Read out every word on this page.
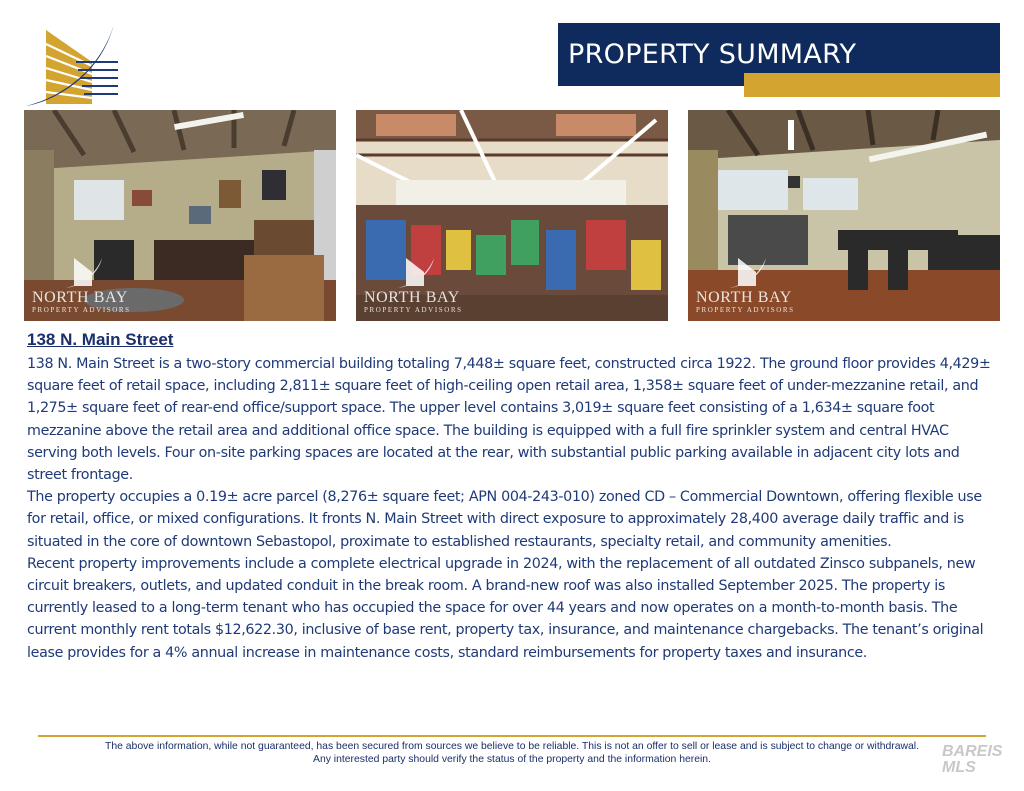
PROPERTY SUMMARY
NORTH BAY
PROPERTY ADVISORS
NORTH BAY
PROPERTY ADVISORS
NORTH BAY
PROPERTY ADVISORS
138 N. Main Street

138 N. Main Street is a two-story commercial building totaling 7,448± square feet, constructed circa 1922. The ground floor provides 4,429± square feet of retail space, including 2,811± square feet of high-ceiling open retail area, 1,358± square feet of under-mezzanine retail, and 1,275± square feet of rear-end office/support space. The upper level contains 3,019± square feet consisting of a 1,634± square foot mezzanine above the retail area and additional office space. The building is equipped with a full fire sprinkler system and central HVAC serving both levels. Four on-site parking spaces are located at the rear, with substantial public parking available in adjacent city lots and street frontage.

The property occupies a 0.19± acre parcel (8,276± square feet; APN 004-243-010) zoned CD – Commercial Downtown, offering flexible use for retail, office, or mixed configurations. It fronts N. Main Street with direct exposure to approximately 28,400 average daily traffic and is situated in the core of downtown Sebastopol, proximate to established restaurants, specialty retail, and community amenities.

Recent property improvements include a complete electrical upgrade in 2024, with the replacement of all outdated Zinsco subpanels, new circuit breakers, outlets, and updated conduit in the break room. A brand-new roof was also installed September 2025. The property is currently leased to a long-term tenant who has occupied the space for over 44 years and now operates on a month-to-month basis. The current monthly rent totals $12,622.30, inclusive of base rent, property tax, insurance, and maintenance chargebacks. The tenant’s original lease provides for a 4% annual increase in maintenance costs, standard reimbursements for property taxes and insurance.

The above information, while not guaranteed, has been secured from sources we believe to be reliable. This is not an offer to sell or lease and is subject to change or withdrawal.
Any interested party should verify the status of the property and the information herein.	BAREIS
MLS
